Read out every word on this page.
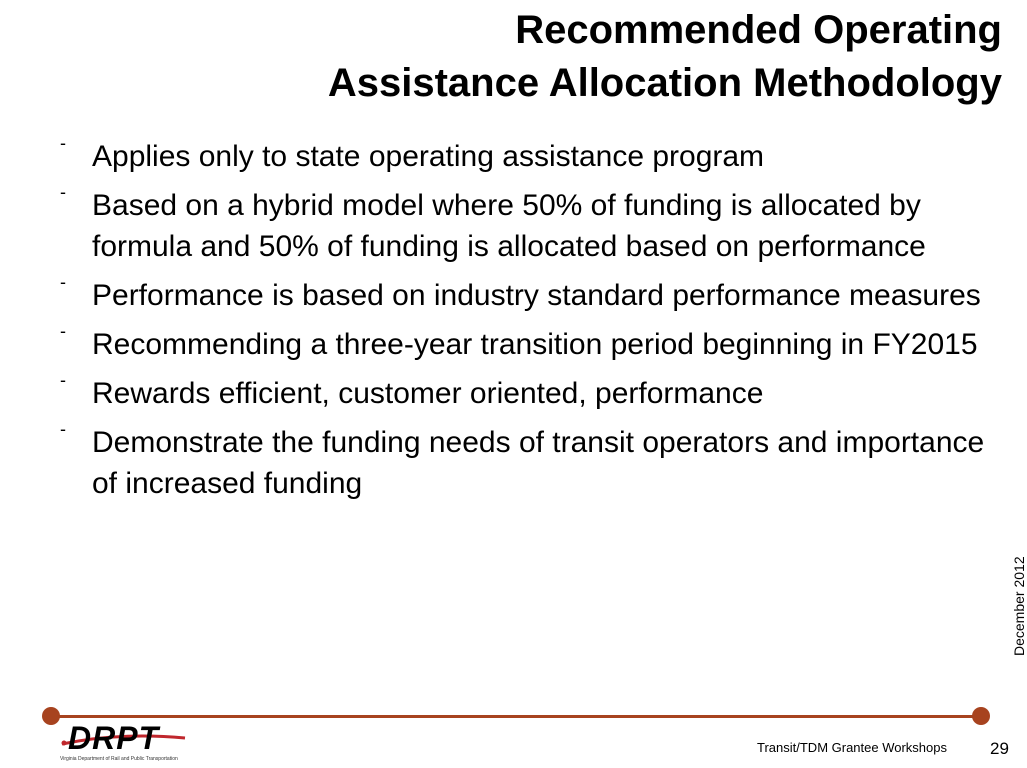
Recommended Operating
Assistance Allocation Methodology
- Applies only to state operating assistance program
- Based on a hybrid model where 50% of funding is allocated by formula and 50% of funding is allocated based on performance
- Performance is based on industry standard performance measures
- Recommending a three-year transition period beginning in FY2015
- Rewards efficient, customer oriented, performance
- Demonstrate the funding needs of transit operators and importance of increased funding
December 2012
DRPT
Virginia Department of Rail and Public Transportation
Transit/TDM Grantee Workshops	29
